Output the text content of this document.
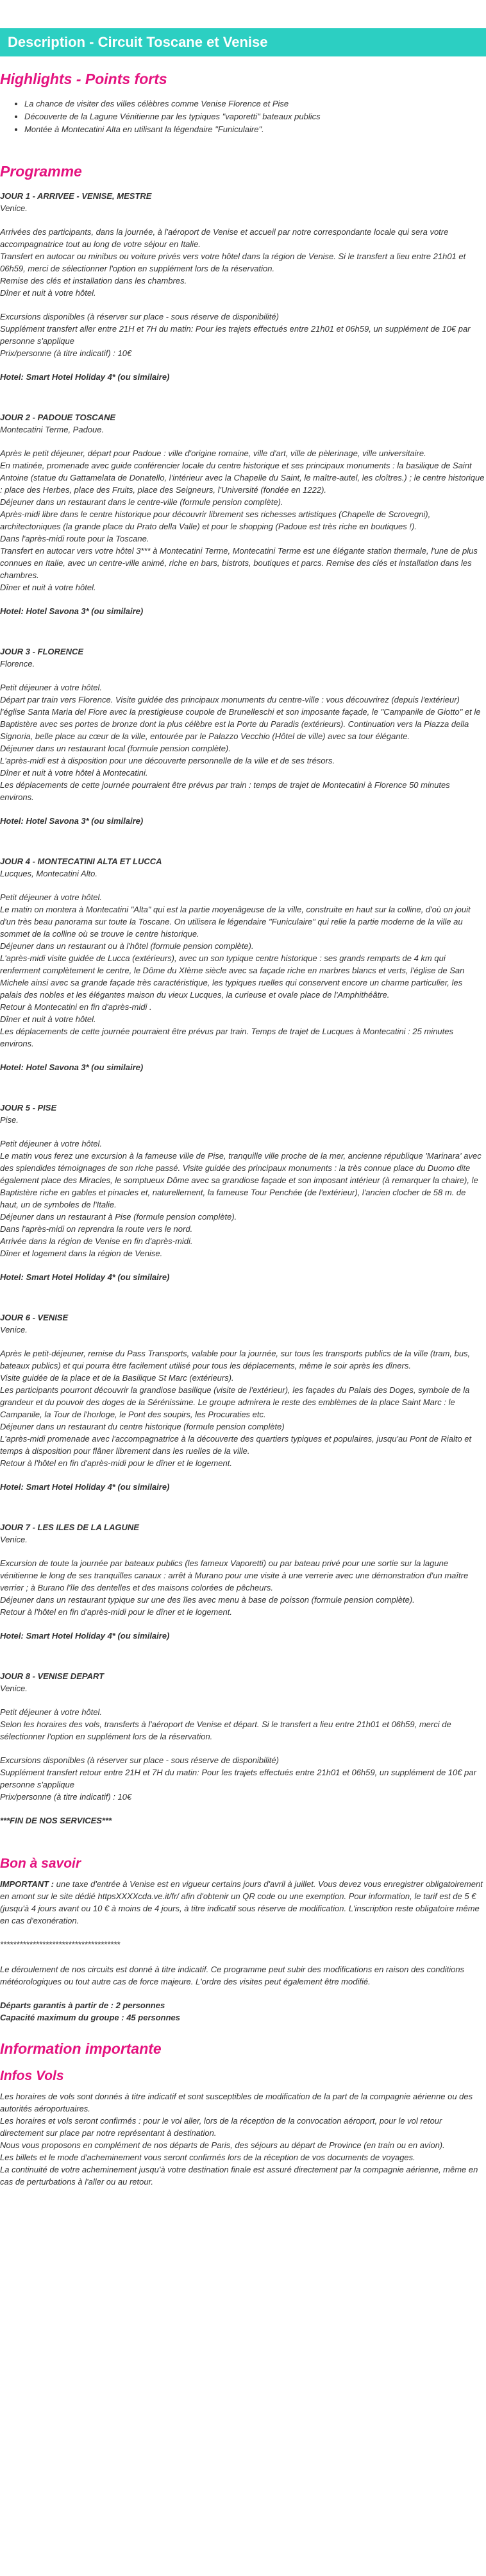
Description - Circuit Toscane et Venise
Highlights - Points forts
• La chance de visiter des villes célèbres comme Venise Florence et Pise
• Découverte de la Lagune Vénitienne par les typiques "vaporetti" bateaux publics
• Montée à Montecatini Alta en utilisant la légendaire "Funiculaire".
Programme

JOUR 1 - ARRIVEE - VENISE, MESTRE

Venice.

Arrivées des participants, dans la journée, à l'aéroport de Venise et accueil par notre correspondante locale qui sera votre accompagnatrice tout au long de votre séjour en Italie.

Transfert en autocar ou minibus ou voiture privés vers votre hôtel dans la région de Venise. Si le transfert a lieu entre 21h01 et 06h59, merci de sélectionner l'option en supplément lors de la réservation.

Remise des clés et installation dans les chambres.

Dîner et nuit à votre hôtel.

Excursions disponibles (à réserver sur place - sous réserve de disponibilité)

Supplément transfert aller entre 21H et 7H du matin: Pour les trajets effectués entre 21h01 et 06h59, un supplément de 10€ par personne s'applique

Prix/personne (à titre indicatif) : 10€

Hotel: Smart Hotel Holiday 4* (ou similaire)

JOUR 2 - PADOUE TOSCANE

Montecatini Terme, Padoue.

Après le petit déjeuner, départ pour Padoue : ville d'origine romaine, ville d'art, ville de pèlerinage, ville universitaire.

En matinée, promenade avec guide conférencier locale du centre historique et ses principaux monuments : la basilique de Saint Antoine (statue du Gattamelata de Donatello, l'intérieur avec la Chapelle du Saint, le maître-autel, les cloîtres.) ; le centre historique : place des Herbes, place des Fruits, place des Seigneurs, l'Université (fondée en 1222).

Déjeuner dans un restaurant dans le centre-ville (formule pension complète).

Après-midi libre dans le centre historique pour découvrir librement ses richesses artistiques (Chapelle de Scrovegni), architectoniques (la grande place du Prato della Valle) et pour le shopping (Padoue est très riche en boutiques !).

Dans l'après-midi route pour la Toscane.

Transfert en autocar vers votre hôtel 3*** à Montecatini Terme, Montecatini Terme est une élégante station thermale, l'une de plus connues en Italie, avec un centre-ville animé, riche en bars, bistrots, boutiques et parcs. Remise des clés et installation dans les chambres.

Dîner et nuit à votre hôtel.

Hotel: Hotel Savona 3* (ou similaire)

JOUR 3 - FLORENCE

Florence.

Petit déjeuner à votre hôtel.

Départ par train vers Florence. Visite guidée des principaux monuments du centre-ville : vous découvrirez (depuis l'extérieur) l'église Santa Maria del Fiore avec la prestigieuse coupole de Brunelleschi et son imposante façade, le "Campanile de Giotto" et le Baptistère avec ses portes de bronze dont la plus célèbre est la Porte du Paradis (extérieurs). Continuation vers la Piazza della Signoria, belle place au cœur de la ville, entourée par le Palazzo Vecchio (Hôtel de ville) avec sa tour élégante.

Déjeuner dans un restaurant local (formule pension complète).

L'après-midi est à disposition pour une découverte personnelle de la ville et de ses trésors.

Dîner et nuit à votre hôtel à Montecatini.

Les déplacements de cette journée pourraient être prévus par train : temps de trajet de Montecatini à Florence 50 minutes environs.

Hotel: Hotel Savona 3* (ou similaire)

JOUR 4 - MONTECATINI ALTA ET LUCCA

Lucques, Montecatini Alto.

Petit déjeuner à votre hôtel.

Le matin on montera à Montecatini "Alta" qui est la partie moyenâgeuse de la ville, construite en haut sur la colline, d'où on jouit d'un très beau panorama sur toute la Toscane. On utilisera le légendaire "Funiculaire" qui relie la partie moderne de la ville au sommet de la colline où se trouve le centre historique.

Déjeuner dans un restaurant ou à l'hôtel (formule pension complète).

L'après-midi visite guidée de Lucca (extérieurs), avec un son typique centre historique : ses grands remparts de 4 km qui renferment complètement le centre, le Dôme du XIème siècle avec sa façade riche en marbres blancs et verts, l'église de San Michele ainsi avec sa grande façade très caractéristique, les typiques ruelles qui conservent encore un charme particulier, les palais des nobles et les élégantes maison du vieux Lucques, la curieuse et ovale place de l'Amphithéâtre.

Retour à Montecatini en fin d'après-midi .

Dîner et nuit à votre hôtel.

Les déplacements de cette journée pourraient être prévus par train. Temps de trajet de Lucques à Montecatini : 25 minutes environs.

Hotel: Hotel Savona 3* (ou similaire)

JOUR 5 - PISE

Pise.

Petit déjeuner à votre hôtel.

Le matin vous ferez une excursion à la fameuse ville de Pise, tranquille ville proche de la mer, ancienne république 'Marinara' avec des splendides témoignages de son riche passé. Visite guidée des principaux monuments : la très connue place du Duomo dite également place des Miracles, le somptueux Dôme avec sa grandiose façade et son imposant intérieur (à remarquer la chaire), le Baptistère riche en gables et pinacles et, naturellement, la fameuse Tour Penchée (de l'extérieur), l'ancien clocher de 58 m. de haut, un de symboles de l'Italie.

Déjeuner dans un restaurant à Pise (formule pension complète).

Dans l'après-midi on reprendra la route vers le nord.

Arrivée dans la région de Venise en fin d'après-midi.

Dîner et logement dans la région de Venise.

Hotel: Smart Hotel Holiday 4* (ou similaire)

JOUR 6 - VENISE

Venice.

Après le petit-déjeuner, remise du Pass Transports, valable pour la journée, sur tous les transports publics de la ville (tram, bus, bateaux publics) et qui pourra être facilement utilisé pour tous les déplacements, même le soir après les dîners.

Visite guidée de la place et de la Basilique St Marc (extérieurs).

Les participants pourront découvrir la grandiose basilique (visite de l'extérieur), les façades du Palais des Doges, symbole de la grandeur et du pouvoir des doges de la Sérénissime. Le groupe admirera le reste des emblèmes de la place Saint Marc : le Campanile, la Tour de l'horloge, le Pont des soupirs, les Procuraties etc.

Déjeuner dans un restaurant du centre historique (formule pension complète)

L'après-midi promenade avec l'accompagnatrice à la découverte des quartiers typiques et populaires, jusqu'au Pont de Rialto et temps à disposition pour flâner librement dans les ruelles de la ville.

Retour à l'hôtel en fin d'après-midi pour le dîner et le logement.

Hotel: Smart Hotel Holiday 4* (ou similaire)

JOUR 7 - LES ILES DE LA LAGUNE

Venice.

Excursion de toute la journée par bateaux publics (les fameux Vaporetti) ou par bateau privé pour une sortie sur la lagune vénitienne le long de ses tranquilles canaux : arrêt à Murano pour une visite à une verrerie avec une démonstration d'un maître verrier ; à Burano l'île des dentelles et des maisons colorées de pêcheurs.

Déjeuner dans un restaurant typique sur une des îles avec menu à base de poisson (formule pension complète).

Retour à l'hôtel en fin d'après-midi pour le dîner et le logement.

Hotel: Smart Hotel Holiday 4* (ou similaire)

JOUR 8 - VENISE DEPART

Venice.

Petit déjeuner à votre hôtel.

Selon les horaires des vols, transferts à l'aéroport de Venise et départ. Si le transfert a lieu entre 21h01 et 06h59, merci de sélectionner l'option en supplément lors de la réservation.

Excursions disponibles (à réserver sur place - sous réserve de disponibilité)

Supplément transfert retour entre 21H et 7H du matin: Pour les trajets effectués entre 21h01 et 06h59, un supplément de 10€ par personne s'applique

Prix/personne (à titre indicatif) : 10€

***FIN DE NOS SERVICES***
Bon à savoir

IMPORTANT : une taxe d'entrée à Venise est en vigueur certains jours d'avril à juillet. Vous devez vous enregistrer obligatoirement en amont sur le site dédié httpsXXXXcda.ve.it/fr/ afin d'obtenir un QR code ou une exemption. Pour information, le tarif est de 5 € (jusqu'à 4 jours avant ou 10 € à moins de 4 jours, à titre indicatif sous réserve de modification. L'inscription reste obligatoire même en cas d'exonération.

*************************************

Le déroulement de nos circuits est donné à titre indicatif. Ce programme peut subir des modifications en raison des conditions météorologiques ou tout autre cas de force majeure. L'ordre des visites peut également être modifié.

Départs garantis à partir de : 2 personnes

Capacité maximum du groupe : 45 personnes

Information importante
Infos Vols

Les horaires de vols sont donnés à titre indicatif et sont susceptibles de modification de la part de la compagnie aérienne ou des autorités aéroportuaires.

Les horaires et vols seront confirmés : pour le vol aller, lors de la réception de la convocation aéroport, pour le vol retour directement sur place par notre représentant à destination.

Nous vous proposons en complément de nos départs de Paris, des séjours au départ de Province (en train ou en avion).

Les billets et le mode d'acheminement vous seront confirmés lors de la réception de vos documents de voyages.

La continuité de votre acheminement jusqu'à votre destination finale est assuré directement par la compagnie aérienne, même en cas de perturbations à l'aller ou au retour.
